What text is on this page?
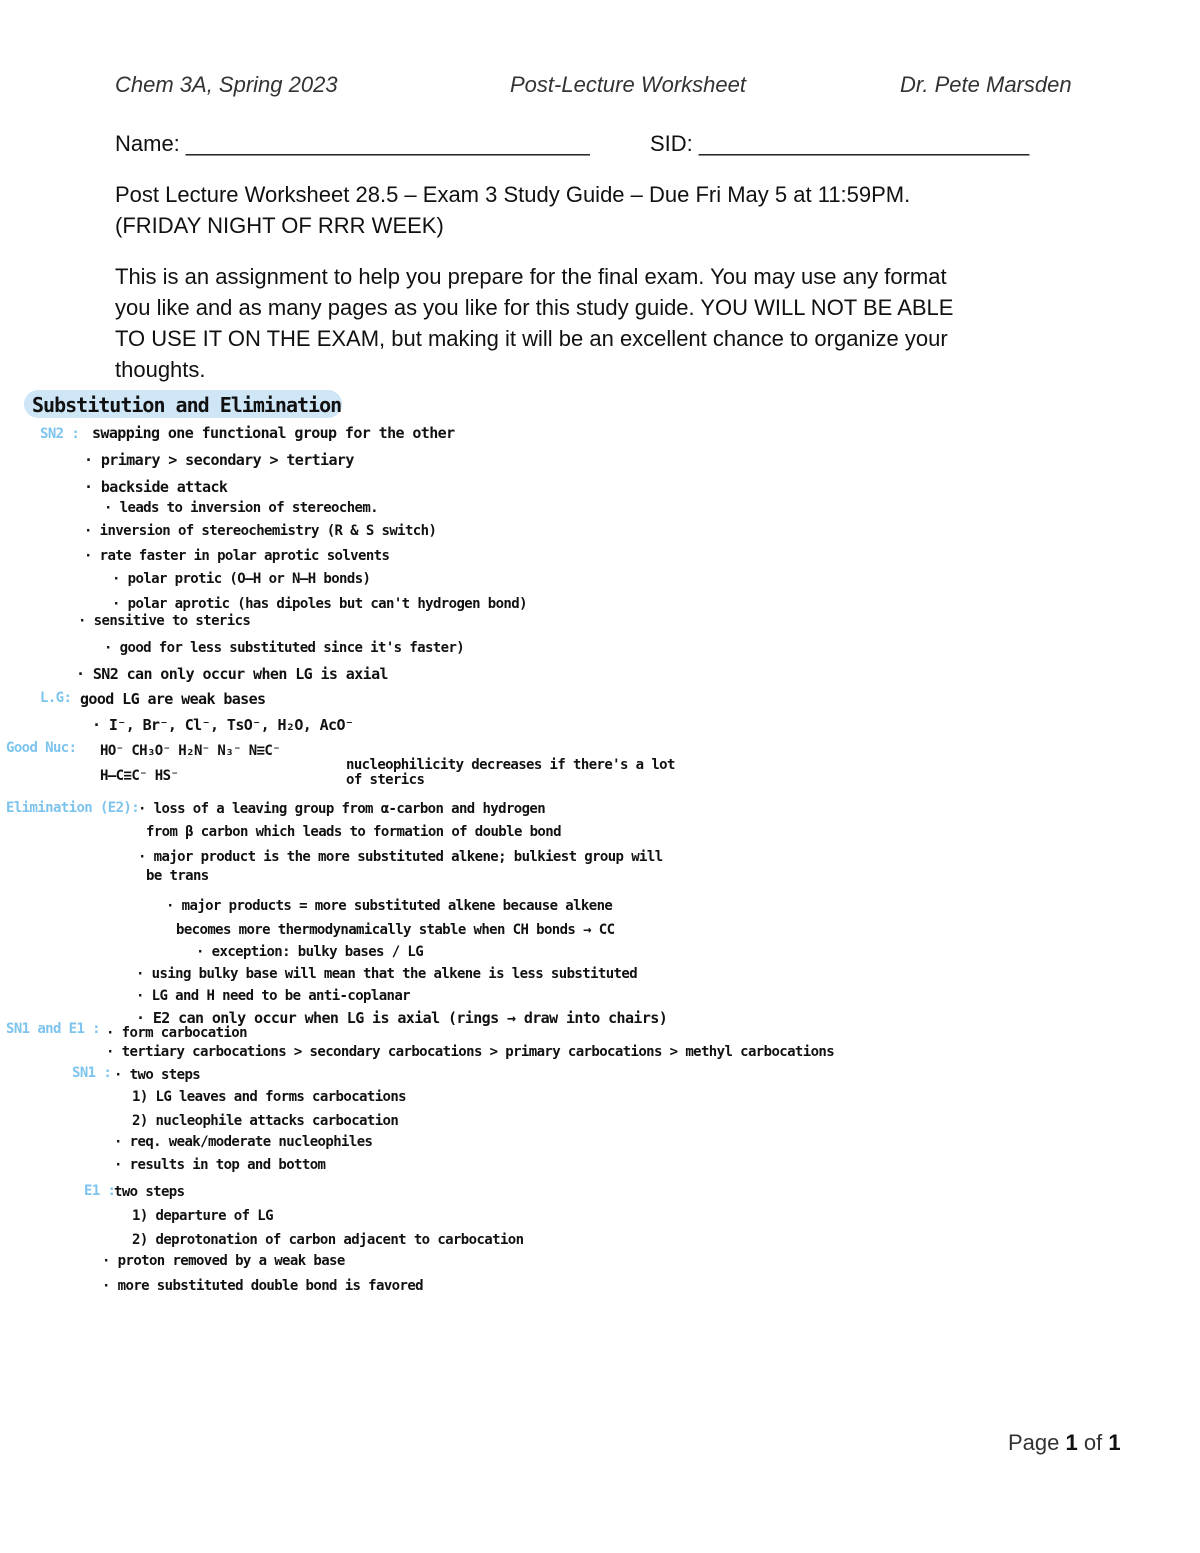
Chem 3A, Spring 2023	Post-Lecture Worksheet	Dr. Pete Marsden
Name: _________________________________	SID: ___________________________
Post Lecture Worksheet 28.5 – Exam 3 Study Guide – Due Fri May 5 at 11:59PM.
(FRIDAY NIGHT OF RRR WEEK)
This is an assignment to help you prepare for the final exam. You may use any format
you like and as many pages as you like for this study guide. YOU WILL NOT BE ABLE
TO USE IT ON THE EXAM, but making it will be an excellent chance to organize your
thoughts.
Substitution and Elimination
SN2 :
L.G:
Good Nuc:
Elimination (E2):
SN1 and E1 :
SN1 :
E1 :
swapping one functional group for the other
· primary > secondary > tertiary
· backside attack
· leads to inversion of stereochem.
· inversion of stereochemistry (R & S switch)
· rate faster in polar aprotic solvents
· polar protic (O–H or N–H bonds)
· polar aprotic (has dipoles but can't hydrogen bond)
· sensitive to sterics
· good for less substituted since it's faster)
· SN2 can only occur when LG is axial
good LG are weak bases
· I⁻, Br⁻, Cl⁻, TsO⁻, H₂O, AcO⁻
HO⁻ CH₃O⁻ H₂N⁻ N₃⁻ N≡C⁻
nucleophilicity decreases if there's a lot
H–C≡C⁻ HS⁻	of sterics
· loss of a leaving group from α-carbon and hydrogen
from β carbon which leads to formation of double bond
· major product is the more substituted alkene; bulkiest group will
be trans
· major products = more substituted alkene because alkene
becomes more thermodynamically stable when CH bonds → CC
· exception: bulky bases / LG
· using bulky base will mean that the alkene is less substituted
· LG and H need to be anti-coplanar
· E2 can only occur when LG is axial (rings → draw into chairs)
· form carbocation
· tertiary carbocations > secondary carbocations > primary carbocations > methyl carbocations
· two steps
1) LG leaves and forms carbocations
2) nucleophile attacks carbocation
· req. weak/moderate nucleophiles
· results in top and bottom
two steps
1) departure of LG
2) deprotonation of carbon adjacent to carbocation
· proton removed by a weak base
· more substituted double bond is favored
Page 1 of 1
